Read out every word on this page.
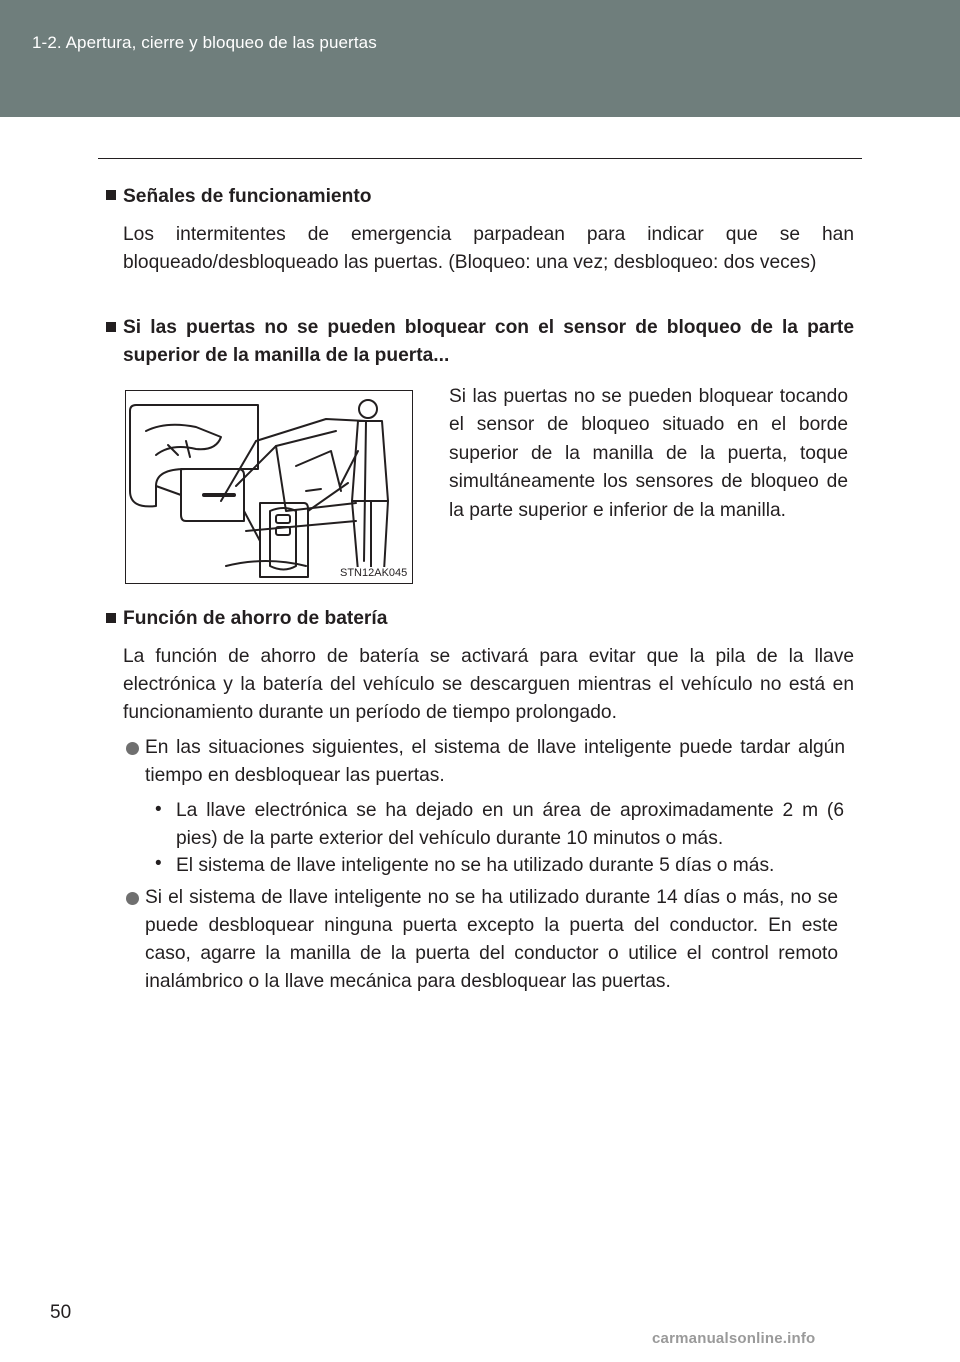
1-2. Apertura, cierre y bloqueo de las puertas
Señales de funcionamiento
Los intermitentes de emergencia parpadean para indicar que se han bloqueado/desbloqueado las puertas. (Bloqueo: una vez; desbloqueo: dos veces)
Si las puertas no se pueden bloquear con el sensor de bloqueo de la parte superior de la manilla de la puerta...
STN12AK045
Si las puertas no se pueden bloquear tocando el sensor de bloqueo situado en el borde superior de la manilla de la puerta, toque simultáneamente los sensores de bloqueo de la parte superior e inferior de la manilla.
Función de ahorro de batería
La función de ahorro de batería se activará para evitar que la pila de la llave electrónica y la batería del vehículo se descarguen mientras el vehículo no está en funcionamiento durante un período de tiempo prolongado.
En las situaciones siguientes, el sistema de llave inteligente puede tardar algún tiempo en desbloquear las puertas.
• La llave electrónica se ha dejado en un área de aproximadamente 2 m (6 pies) de la parte exterior del vehículo durante 10 minutos o más.
• El sistema de llave inteligente no se ha utilizado durante 5 días o más.
Si el sistema de llave inteligente no se ha utilizado durante 14 días o más, no se puede desbloquear ninguna puerta excepto la puerta del conductor. En este caso, agarre la manilla de la puerta del conductor o utilice el control remoto inalámbrico o la llave mecánica para desbloquear las puertas.
50
carmanualsonline.info
